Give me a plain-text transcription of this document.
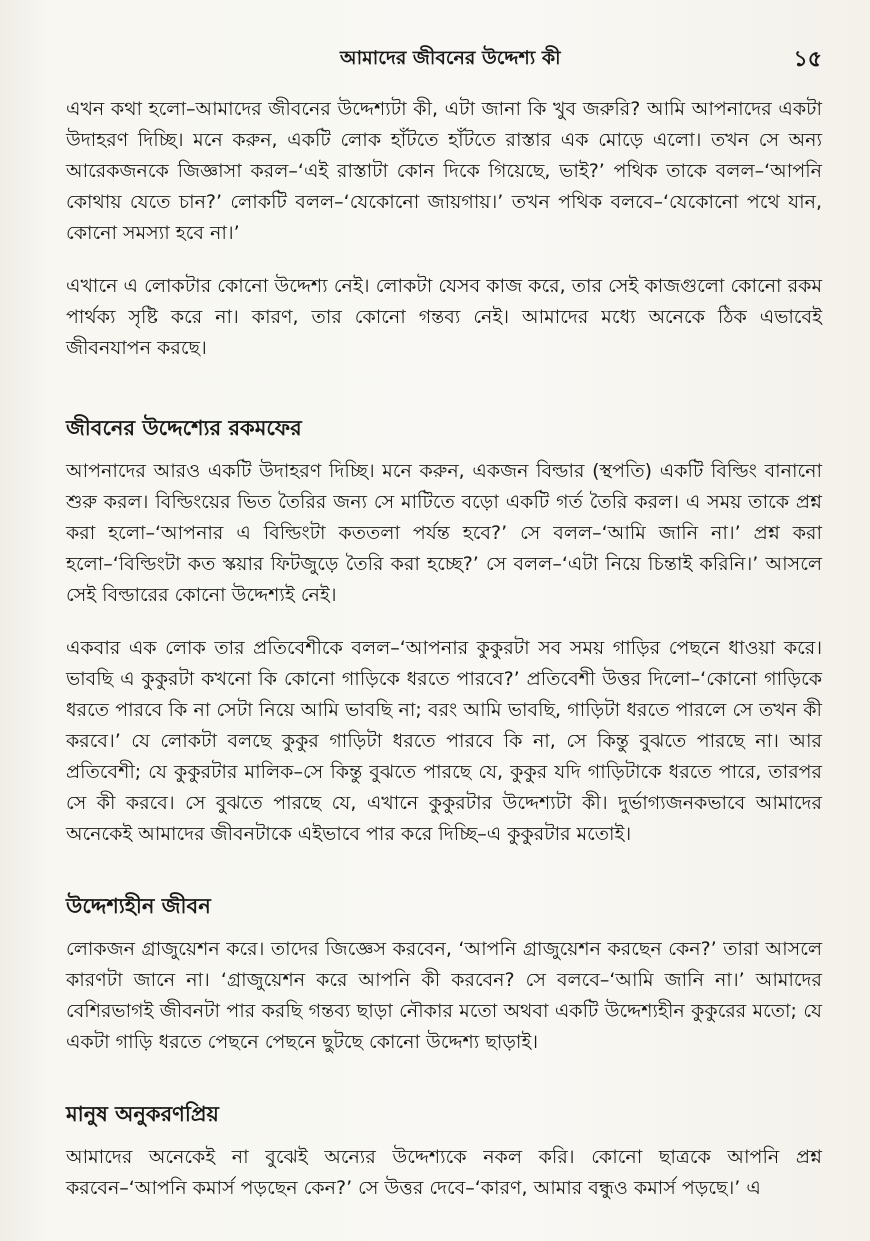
আমাদের জীবনের উদ্দেশ্য কী	১৫

এখন কথা হলো–আমাদের জীবনের উদ্দেশ্যটা কী, এটা জানা কি খুব জরুরি? আমি আপনাদের একটা উদাহরণ দিচ্ছি। মনে করুন, একটি লোক হাঁটতে হাঁটতে রাস্তার এক মোড়ে এলো। তখন সে অন্য আরেকজনকে জিজ্ঞাসা করল–‘এই রাস্তাটা কোন দিকে গিয়েছে, ভাই?’ পথিক তাকে বলল–‘আপনি কোথায় যেতে চান?’ লোকটি বলল–‘যেকোনো জায়গায়।’ তখন পথিক বলবে–‘যেকোনো পথে যান, কোনো সমস্যা হবে না।’

এখানে এ লোকটার কোনো উদ্দেশ্য নেই। লোকটা যেসব কাজ করে, তার সেই কাজগুলো কোনো রকম পার্থক্য সৃষ্টি করে না। কারণ, তার কোনো গন্তব্য নেই। আমাদের মধ্যে অনেকে ঠিক এভাবেই জীবনযাপন করছে।

জীবনের উদ্দেশ্যের রকমফের

আপনাদের আরও একটি উদাহরণ দিচ্ছি। মনে করুন, একজন বিল্ডার (স্থপতি) একটি বিল্ডিং বানানো শুরু করল। বিল্ডিংয়ের ভিত তৈরির জন্য সে মাটিতে বড়ো একটি গর্ত তৈরি করল। এ সময় তাকে প্রশ্ন করা হলো–‘আপনার এ বিল্ডিংটা কততলা পর্যন্ত হবে?’ সে বলল–‘আমি জানি না।’ প্রশ্ন করা হলো–‘বিল্ডিংটা কত স্কয়ার ফিটজুড়ে তৈরি করা হচ্ছে?’ সে বলল–‘এটা নিয়ে চিন্তাই করিনি।’ আসলে সেই বিল্ডারের কোনো উদ্দেশ্যই নেই।

একবার এক লোক তার প্রতিবেশীকে বলল–‘আপনার কুকুরটা সব সময় গাড়ির পেছনে ধাওয়া করে। ভাবছি এ কুকুরটা কখনো কি কোনো গাড়িকে ধরতে পারবে?’ প্রতিবেশী উত্তর দিলো–‘কোনো গাড়িকে ধরতে পারবে কি না সেটা নিয়ে আমি ভাবছি না; বরং আমি ভাবছি, গাড়িটা ধরতে পারলে সে তখন কী করবে।’ যে লোকটা বলছে কুকুর গাড়িটা ধরতে পারবে কি না, সে কিন্তু বুঝতে পারছে না। আর প্রতিবেশী; যে কুকুরটার মালিক–সে কিন্তু বুঝতে পারছে যে, কুকুর যদি গাড়িটাকে ধরতে পারে, তারপর সে কী করবে। সে বুঝতে পারছে যে, এখানে কুকুরটার উদ্দেশ্যটা কী। দুর্ভাগ্যজনকভাবে আমাদের অনেকেই আমাদের জীবনটাকে এইভাবে পার করে দিচ্ছি–এ কুকুরটার মতোই।

উদ্দেশ্যহীন জীবন

লোকজন গ্রাজুয়েশন করে। তাদের জিজ্ঞেস করবেন, ‘আপনি গ্রাজুয়েশন করছেন কেন?’ তারা আসলে কারণটা জানে না। ‘গ্রাজুয়েশন করে আপনি কী করবেন? সে বলবে–‘আমি জানি না।’ আমাদের বেশিরভাগই জীবনটা পার করছি গন্তব্য ছাড়া নৌকার মতো অথবা একটি উদ্দেশ্যহীন কুকুরের মতো; যে একটা গাড়ি ধরতে পেছনে পেছনে ছুটছে কোনো উদ্দেশ্য ছাড়াই।

মানুষ অনুকরণপ্রিয়

আমাদের অনেকেই না বুঝেই অন্যের উদ্দেশ্যকে নকল করি। কোনো ছাত্রকে আপনি প্রশ্ন করবেন–‘আপনি কমার্স পড়ছেন কেন?’ সে উত্তর দেবে–‘কারণ, আমার বন্ধুও কমার্স পড়ছে।’ এ
